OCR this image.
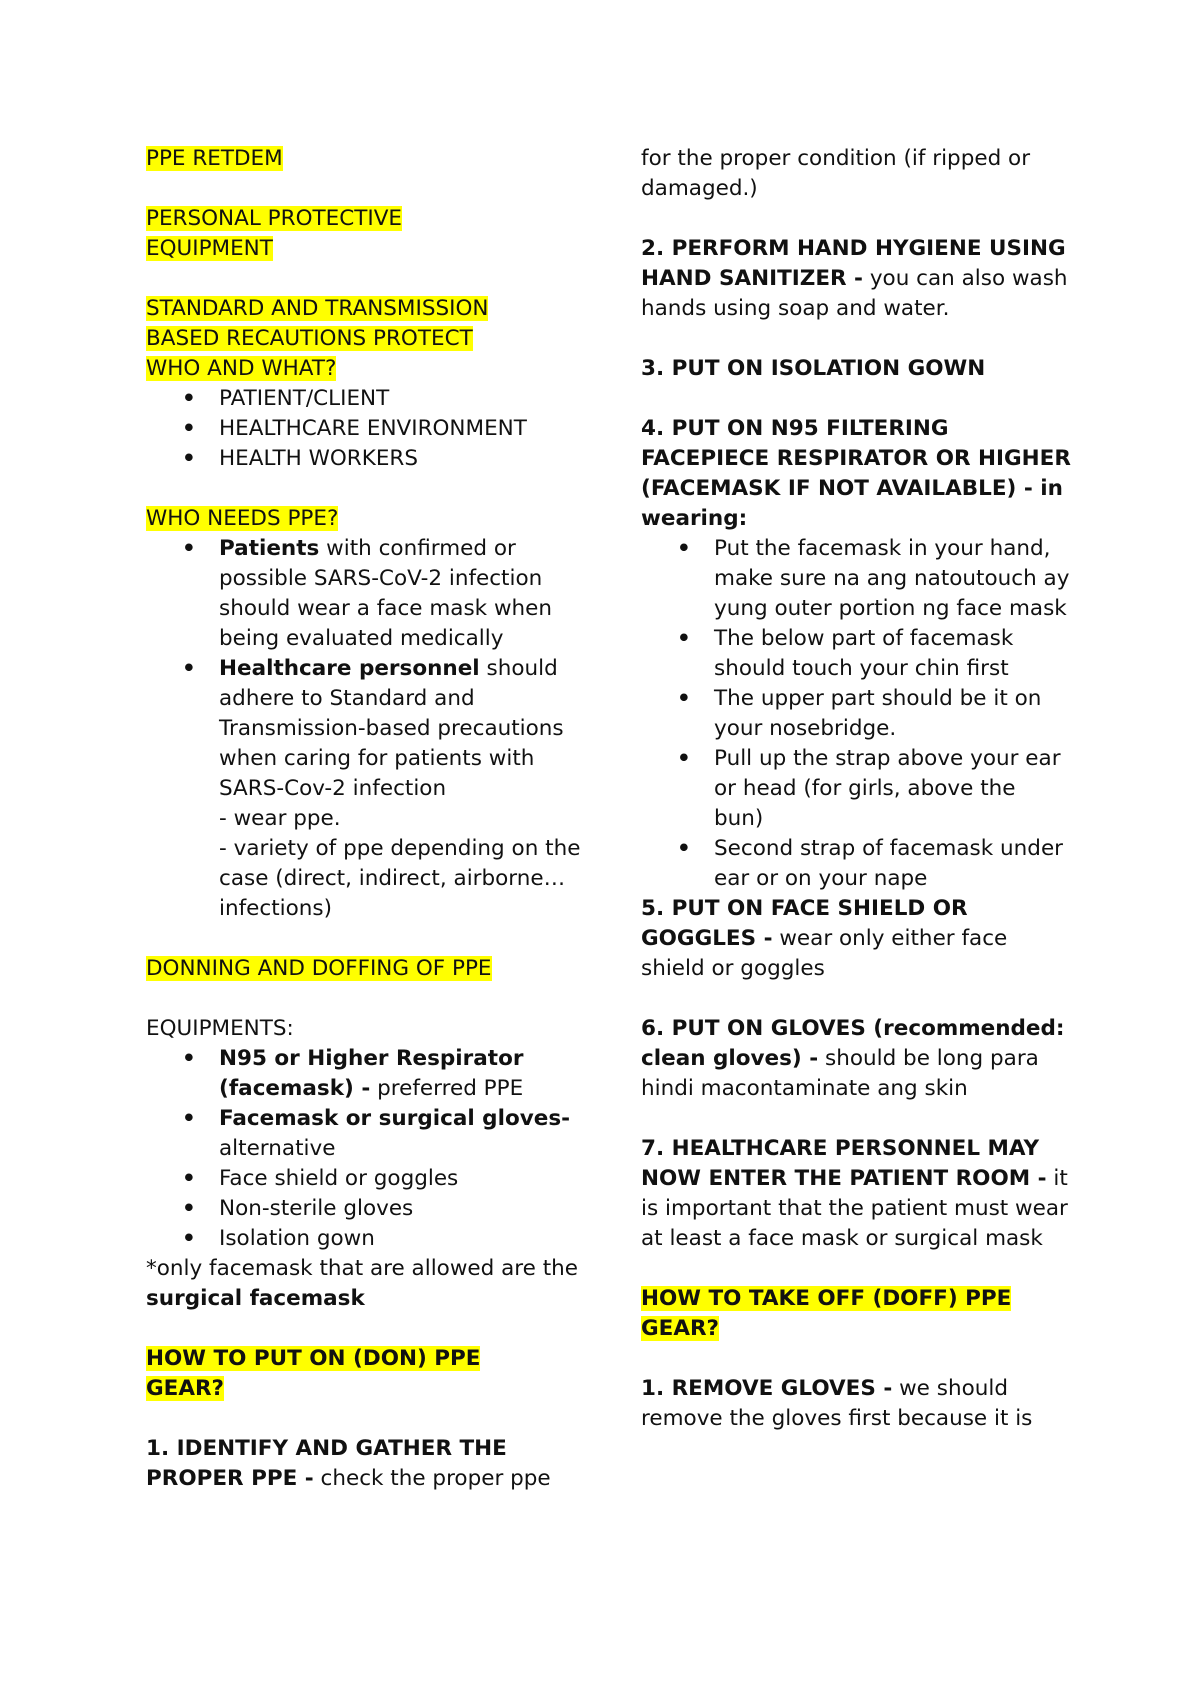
PPE RETDEM

PERSONAL PROTECTIVE
EQUIPMENT

STANDARD AND TRANSMISSION
BASED RECAUTIONS PROTECT
WHO AND WHAT?

• PATIENT/CLIENT
• HEALTHCARE ENVIRONMENT
• HEALTH WORKERS

WHO NEEDS PPE?

• Patients with confirmed or possible SARS-CoV-2 infection should wear a face mask when being evaluated medically
• Healthcare personnel should adhere to Standard and Transmission-based precautions when caring for patients with SARS-Cov-2 infection
- wear ppe.
- variety of ppe depending on the case (direct, indirect, airborne… infections)

DONNING AND DOFFING OF PPE

EQUIPMENTS:

• N95 or Higher Respirator (facemask) - preferred PPE
• Facemask or surgical gloves- alternative
• Face shield or goggles
• Non-sterile gloves
• Isolation gown

*only facemask that are allowed are the surgical facemask

HOW TO PUT ON (DON) PPE
GEAR?

1. IDENTIFY AND GATHER THE PROPER PPE - check the proper ppe

for the proper condition (if ripped or damaged.)

2. PERFORM HAND HYGIENE USING HAND SANITIZER - you can also wash hands using soap and water.

3. PUT ON ISOLATION GOWN

4. PUT ON N95 FILTERING FACEPIECE RESPIRATOR OR HIGHER (FACEMASK IF NOT AVAILABLE) - in wearing:

• Put the facemask in your hand, make sure na ang natoutouch ay yung outer portion ng face mask
• The below part of facemask should touch your chin first
• The upper part should be it on your nosebridge.
• Pull up the strap above your ear or head (for girls, above the bun)
• Second strap of facemask under ear or on your nape

5. PUT ON FACE SHIELD OR GOGGLES - wear only either face shield or goggles

6. PUT ON GLOVES (recommended: clean gloves) - should be long para hindi macontaminate ang skin

7. HEALTHCARE PERSONNEL MAY NOW ENTER THE PATIENT ROOM - it is important that the patient must wear at least a face mask or surgical mask

HOW TO TAKE OFF (DOFF) PPE
GEAR?

1. REMOVE GLOVES - we should remove the gloves first because it is
